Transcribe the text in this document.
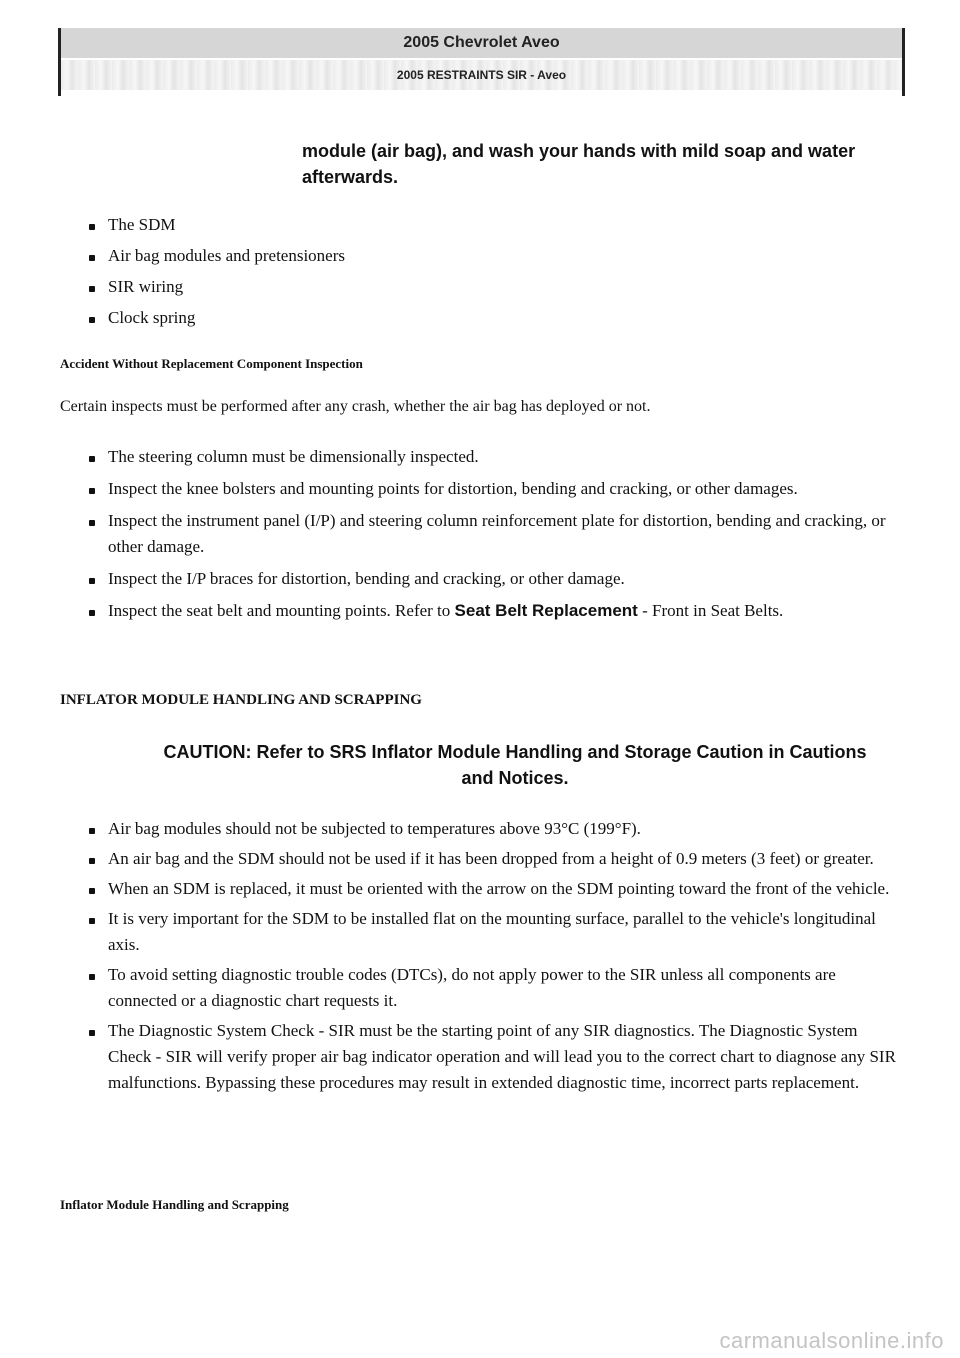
2005 Chevrolet Aveo
2005 RESTRAINTS SIR - Aveo
module (air bag), and wash your hands with mild soap and water afterwards.
The SDM
Air bag modules and pretensioners
SIR wiring
Clock spring
Accident Without Replacement Component Inspection
Certain inspects must be performed after any crash, whether the air bag has deployed or not.
The steering column must be dimensionally inspected.
Inspect the knee bolsters and mounting points for distortion, bending and cracking, or other damages.
Inspect the instrument panel (I/P) and steering column reinforcement plate for distortion, bending and cracking, or other damage.
Inspect the I/P braces for distortion, bending and cracking, or other damage.
Inspect the seat belt and mounting points. Refer to Seat Belt Replacement - Front in Seat Belts.
INFLATOR MODULE HANDLING AND SCRAPPING
CAUTION: Refer to SRS Inflator Module Handling and Storage Caution in Cautions and Notices.
Air bag modules should not be subjected to temperatures above 93°C (199°F).
An air bag and the SDM should not be used if it has been dropped from a height of 0.9 meters (3 feet) or greater.
When an SDM is replaced, it must be oriented with the arrow on the SDM pointing toward the front of the vehicle.
It is very important for the SDM to be installed flat on the mounting surface, parallel to the vehicle's longitudinal axis.
To avoid setting diagnostic trouble codes (DTCs), do not apply power to the SIR unless all components are connected or a diagnostic chart requests it.
The Diagnostic System Check - SIR must be the starting point of any SIR diagnostics. The Diagnostic System Check - SIR will verify proper air bag indicator operation and will lead you to the correct chart to diagnose any SIR malfunctions. Bypassing these procedures may result in extended diagnostic time, incorrect parts replacement.
Inflator Module Handling and Scrapping
carmanualsonline.info
